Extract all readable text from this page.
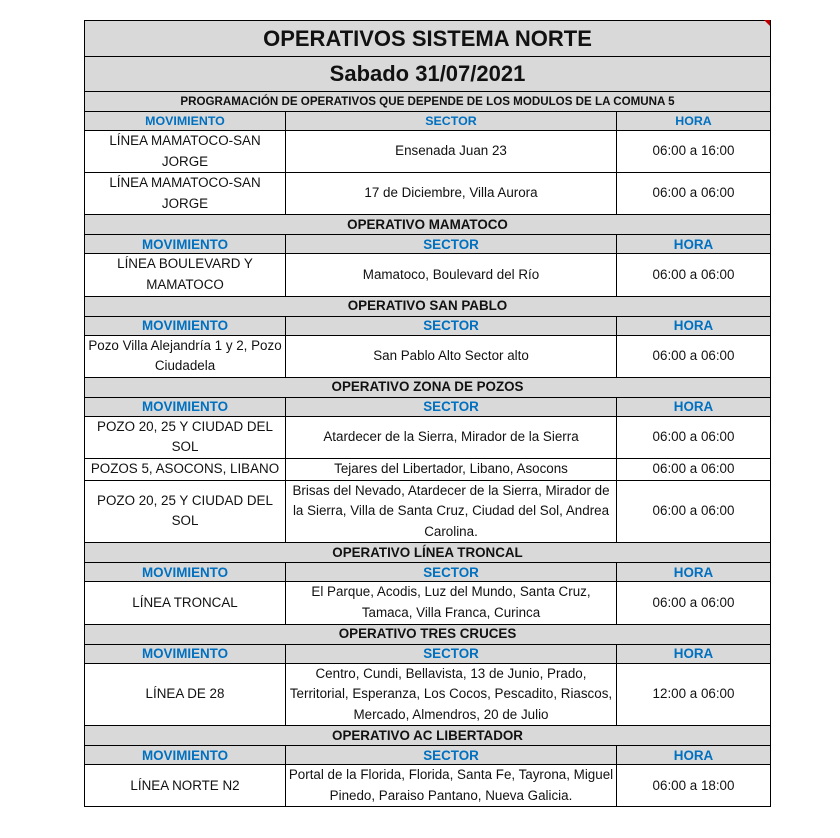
OPERATIVOS SISTEMA NORTE		
Sabado 31/07/2021		
PROGRAMACIÓN DE OPERATIVOS QUE DEPENDE DE LOS MODULOS DE LA COMUNA 5		
MOVIMIENTO	SECTOR	HORA
LÍNEA MAMATOCO-SAN JORGE	Ensenada Juan 23	06:00 a 16:00
LÍNEA MAMATOCO-SAN JORGE	17 de Diciembre, Villa Aurora	06:00 a 06:00
OPERATIVO MAMATOCO		
MOVIMIENTO	SECTOR	HORA
LÍNEA BOULEVARD Y MAMATOCO	Mamatoco, Boulevard del Río	06:00 a 06:00
OPERATIVO SAN PABLO		
MOVIMIENTO	SECTOR	HORA
Pozo Villa Alejandría 1 y 2, Pozo Ciudadela	San Pablo Alto Sector alto	06:00 a 06:00
OPERATIVO ZONA DE POZOS		
MOVIMIENTO	SECTOR	HORA
POZO 20, 25 Y CIUDAD DEL SOL	Atardecer de la Sierra, Mirador de la Sierra	06:00 a 06:00
POZOS 5, ASOCONS, LIBANO	Tejares del Libertador, Libano, Asocons	06:00 a 06:00
POZO 20, 25 Y CIUDAD DEL SOL	Brisas del Nevado, Atardecer de la Sierra, Mirador de la Sierra, Villa de Santa Cruz, Ciudad del Sol, Andrea Carolina.	06:00 a 06:00
OPERATIVO LÍNEA TRONCAL		
MOVIMIENTO	SECTOR	HORA
LÍNEA TRONCAL	El Parque, Acodis, Luz del Mundo, Santa Cruz, Tamaca, Villa Franca, Curinca	06:00 a 06:00
OPERATIVO TRES CRUCES		
MOVIMIENTO	SECTOR	HORA
LÍNEA DE 28	Centro, Cundi, Bellavista, 13 de Junio, Prado, Territorial, Esperanza, Los Cocos, Pescadito, Riascos, Mercado, Almendros, 20 de Julio	12:00 a 06:00
OPERATIVO AC LIBERTADOR		
MOVIMIENTO	SECTOR	HORA
LÍNEA NORTE N2	Portal de la Florida, Florida, Santa Fe, Tayrona, Miguel Pinedo, Paraiso Pantano, Nueva Galicia.	06:00 a 18:00
